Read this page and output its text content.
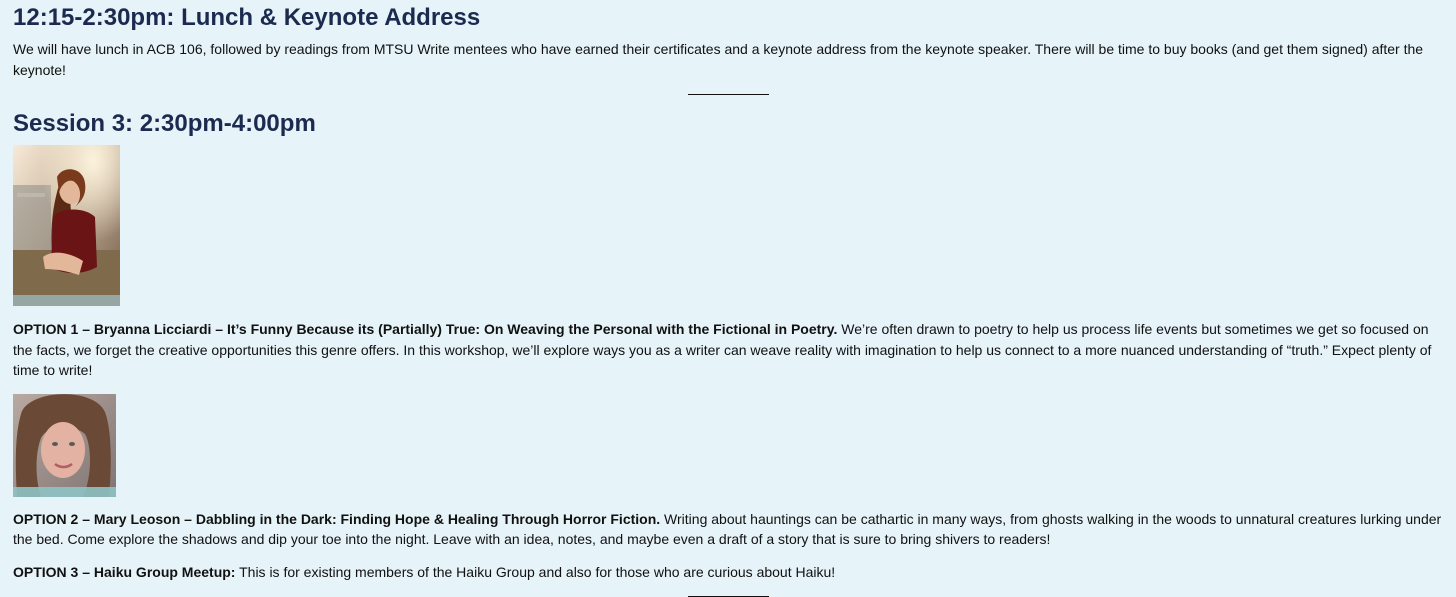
12:15-2:30pm: Lunch & Keynote Address

We will have lunch in ACB 106, followed by readings from MTSU Write mentees who have earned their certificates and a keynote address from the keynote speaker. There will be time to buy books (and get them signed) after the keynote!

Session 3: 2:30pm-4:00pm

OPTION 1 – Bryanna Licciardi – It’s Funny Because its (Partially) True: On Weaving the Personal with the Fictional in Poetry. We’re often drawn to poetry to help us process life events but sometimes we get so focused on the facts, we forget the creative opportunities this genre offers. In this workshop, we’ll explore ways you as a writer can weave reality with imagination to help us connect to a more nuanced understanding of “truth.” Expect plenty of time to write!

OPTION 2 – Mary Leoson – Dabbling in the Dark: Finding Hope & Healing Through Horror Fiction. Writing about hauntings can be cathartic in many ways, from ghosts walking in the woods to unnatural creatures lurking under the bed. Come explore the shadows and dip your toe into the night. Leave with an idea, notes, and maybe even a draft of a story that is sure to bring shivers to readers!

OPTION 3 – Haiku Group Meetup: This is for existing members of the Haiku Group and also for those who are curious about Haiku!
